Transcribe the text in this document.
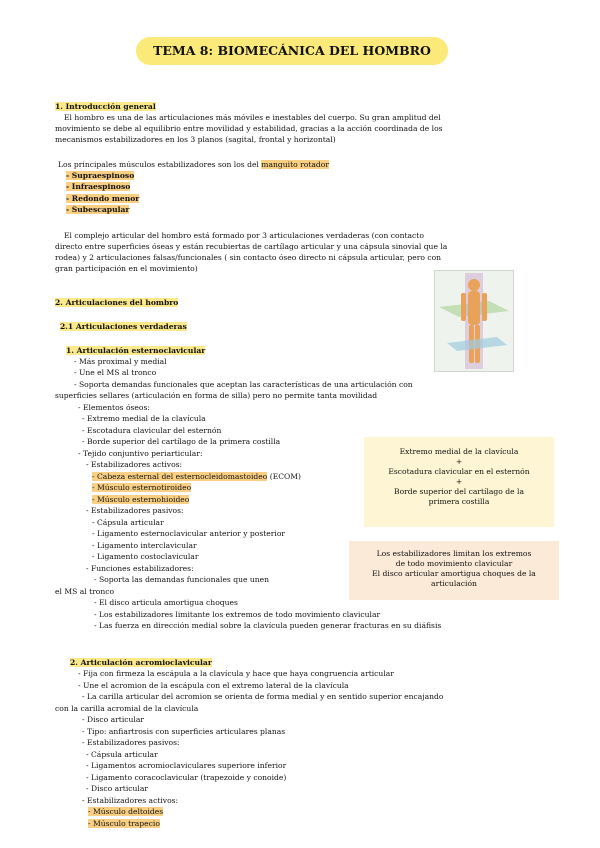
TEMA 8: BIOMECÁNICA DEL HOMBRO
1. Introducción general
El hombro es una de las articulaciones más móviles e inestables del cuerpo. Su gran amplitud del
movimiento se debe al equilibrio entre movilidad y estabilidad, gracias a la acción coordinada de los
mecanismos estabilizadores en los 3 planos (sagital, frontal y horizontal)
Los principales músculos estabilizadores son los del manguito rotador
- Supraespinoso
- Infraespinoso
- Redondo menor
- Subescapular
El complejo articular del hombro está formado por 3 articulaciones verdaderas (con contacto
directo entre superficies óseas y están recubiertas de cartílago articular y una cápsula sinovial que la
rodea) y 2 articulaciones falsas/funcionales ( sin contacto óseo directo ni cápsula articular, pero con
gran participación en el movimiento)
2. Articulaciones del hombro
2.1 Articulaciones verdaderas
1. Articulación esternoclavicular
- Más proximal y medial
- Une el MS al tronco
- Soporta demandas funcionales que aceptan las características de una articulación con
superficies sellares (articulación en forma de silla) pero no permite tanta movilidad
- Elementos óseos:
- Extremo medial de la clavícula
- Escotadura clavicular del esternón
- Borde superior del cartílago de la primera costilla
- Tejido conjuntivo periarticular:
- Estabilizadores activos:
- Cabeza esternal del esternocleidomastoideo (ECOM)
- Músculo esternotiroideo
- Músculo esternohioideo
- Estabilizadores pasivos:
- Cápsula articular
- Ligamento esternoclavicular anterior y posterior
- Ligamento interclavicular
- Ligamento costoclavicular
- Funciones estabilizadores:
- Soporta las demandas funcionales que unen
el MS al tronco
- El disco articula amortigua choques
- Los estabilizadores limitante los extremos de todo movimiento clavicular
- Las fuerza en dirección medial sobre la clavícula pueden generar fracturas en su diáfisis
Extremo medial de la clavícula
+
Escotadura clavicular en el esternón
+
Borde superior del cartílago de la
primera costilla
Los estabilizadores limitan los extremos
de todo movimiento clavicular
El disco articular amortigua choques de la
articulación
2. Articulación acromioclavicular
- Fija con firmeza la escápula a la clavícula y hace que haya congruencia articular
- Une el acromion de la escápula con el extremo lateral de la clavícula
- La carilla articular del acromion se orienta de forma medial y en sentido superior encajando
con la carilla acromial de la clavícula
- Disco articular
- Tipo: anfiartrosis con superficies articulares planas
- Estabilizadores pasivos:
- Cápsula articular
- Ligamentos acromioclaviculares superiore inferior
- Ligamento coracoclavicular (trapezoide y conoide)
- Disco articular
- Estabilizadores activos:
- Músculo deltoides
- Músculo trapecio
